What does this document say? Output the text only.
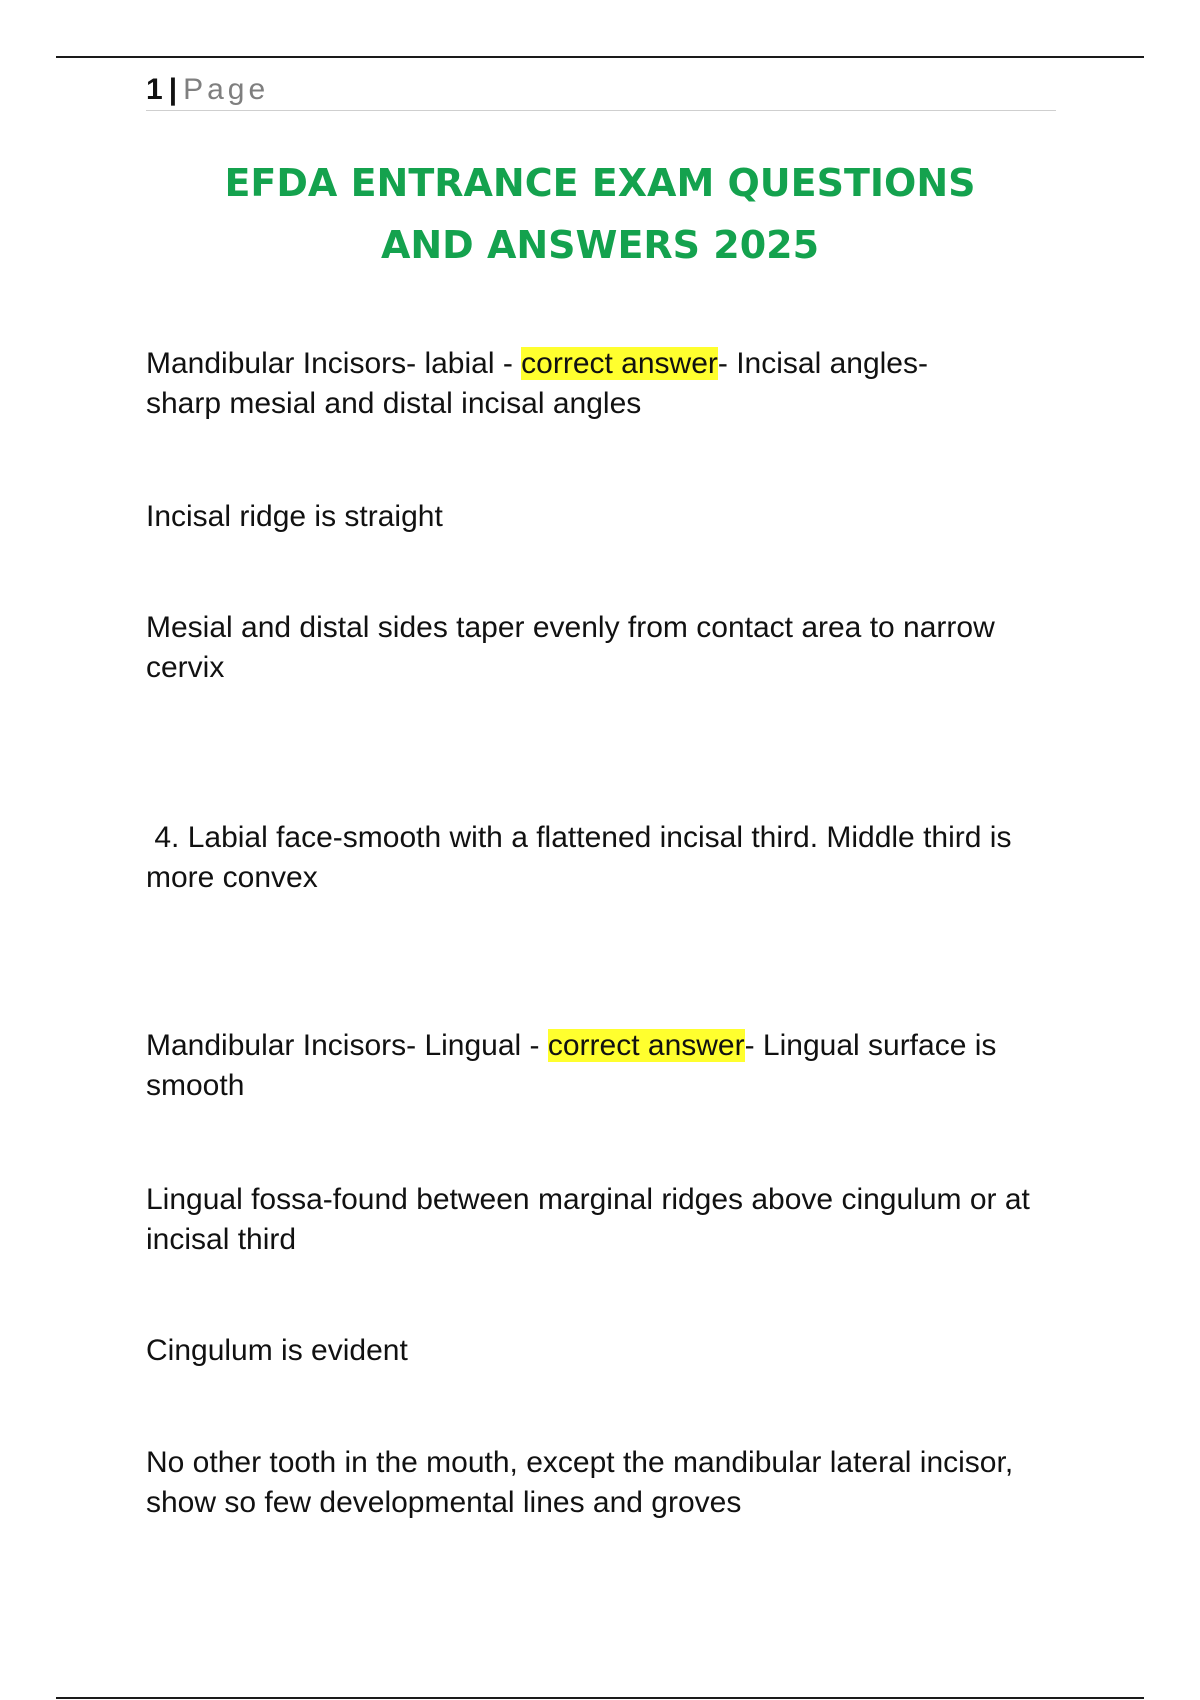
1 | Page
EFDA ENTRANCE EXAM QUESTIONS
AND ANSWERS 2025

Mandibular Incisors- labial - correct answer- Incisal angles- sharp mesial and distal incisal angles

Incisal ridge is straight

Mesial and distal sides taper evenly from contact area to narrow cervix

4. Labial face-smooth with a flattened incisal third. Middle third is more convex

Mandibular Incisors- Lingual - correct answer- Lingual surface is smooth

Lingual fossa-found between marginal ridges above cingulum or at incisal third

Cingulum is evident

No other tooth in the mouth, except the mandibular lateral incisor, show so few developmental lines and groves
